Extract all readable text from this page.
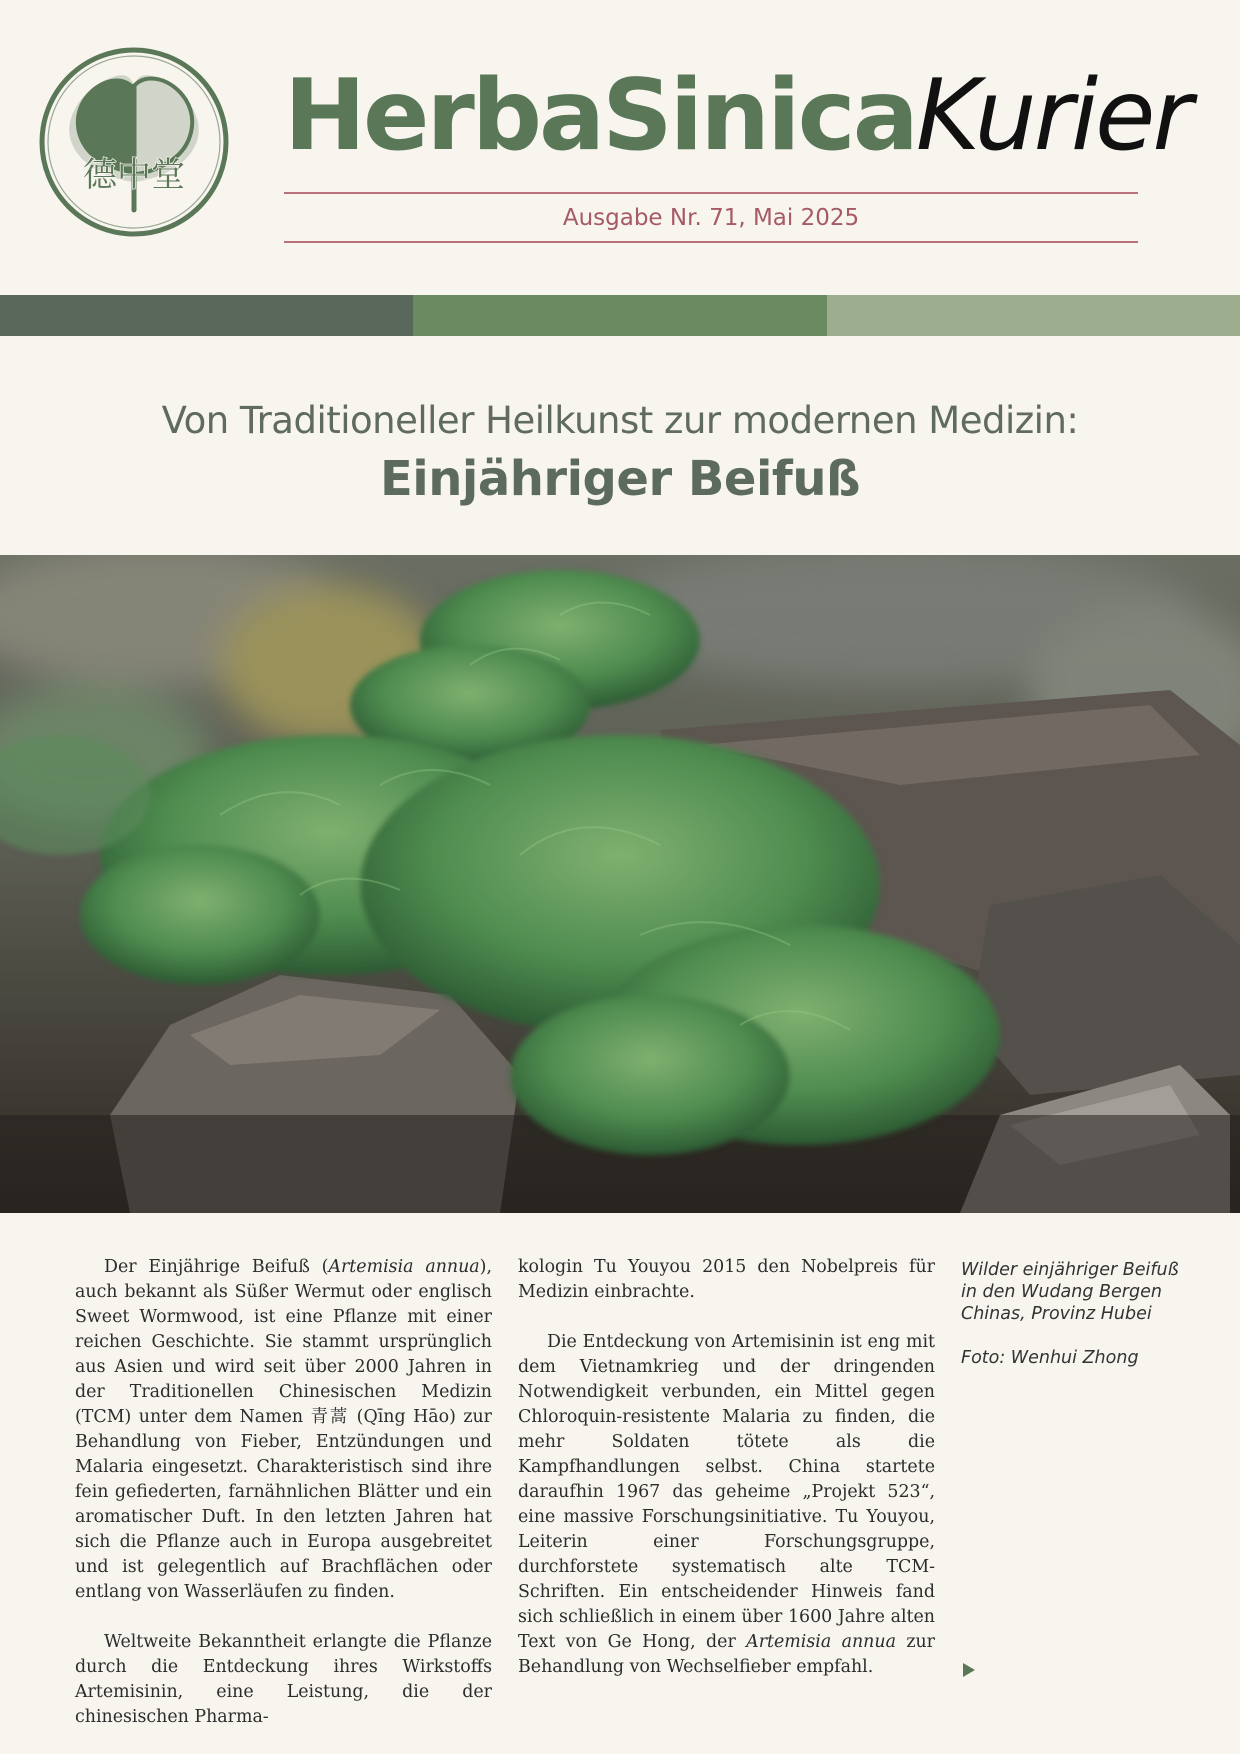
德中堂
HerbaSinicaKurier
Ausgabe Nr. 71, Mai 2025
Von Traditioneller Heilkunst zur modernen Medizin:
Einjähriger Beifuß

Der Einjährige Beifuß (Artemisia annua), auch bekannt als Süßer Wermut oder englisch Sweet Wormwood, ist eine Pflanze mit einer reichen Geschichte. Sie stammt ursprünglich aus Asien und wird seit über 2000 Jahren in der Traditionellen Chinesischen Medizin (TCM) unter dem Namen 青蒿 (Qīng Hāo) zur Behandlung von Fieber, Entzündungen und Malaria eingesetzt. Charakteristisch sind ihre fein gefiederten, farnähnlichen Blätter und ein aromatischer Duft. In den letzten Jahren hat sich die Pflanze auch in Europa ausgebreitet und ist gelegentlich auf Brachflächen oder entlang von Wasserläufen zu finden.

Weltweite Bekanntheit erlangte die Pflanze durch die Entdeckung ihres Wirkstoffs Artemisinin, eine Leistung, die der chinesischen Pharma-

kologin Tu Youyou 2015 den Nobelpreis für Medizin einbrachte.

Die Entdeckung von Artemisinin ist eng mit dem Vietnamkrieg und der dringenden Notwendigkeit verbunden, ein Mittel gegen Chloroquin-resistente Malaria zu finden, die mehr Soldaten tötete als die Kampfhandlungen selbst. China startete daraufhin 1967 das geheime „Projekt 523“, eine massive Forschungsinitiative. Tu Youyou, Leiterin einer Forschungsgruppe, durchforstete systematisch alte TCM-Schriften. Ein entscheidender Hinweis fand sich schließlich in einem über 1600 Jahre alten Text von Ge Hong, der Artemisia annua zur Behandlung von Wechselfieber empfahl.

Wilder einjähriger Beifuß in den Wudang Bergen Chinas, Provinz Hubei

Foto: Wenhui Zhong
